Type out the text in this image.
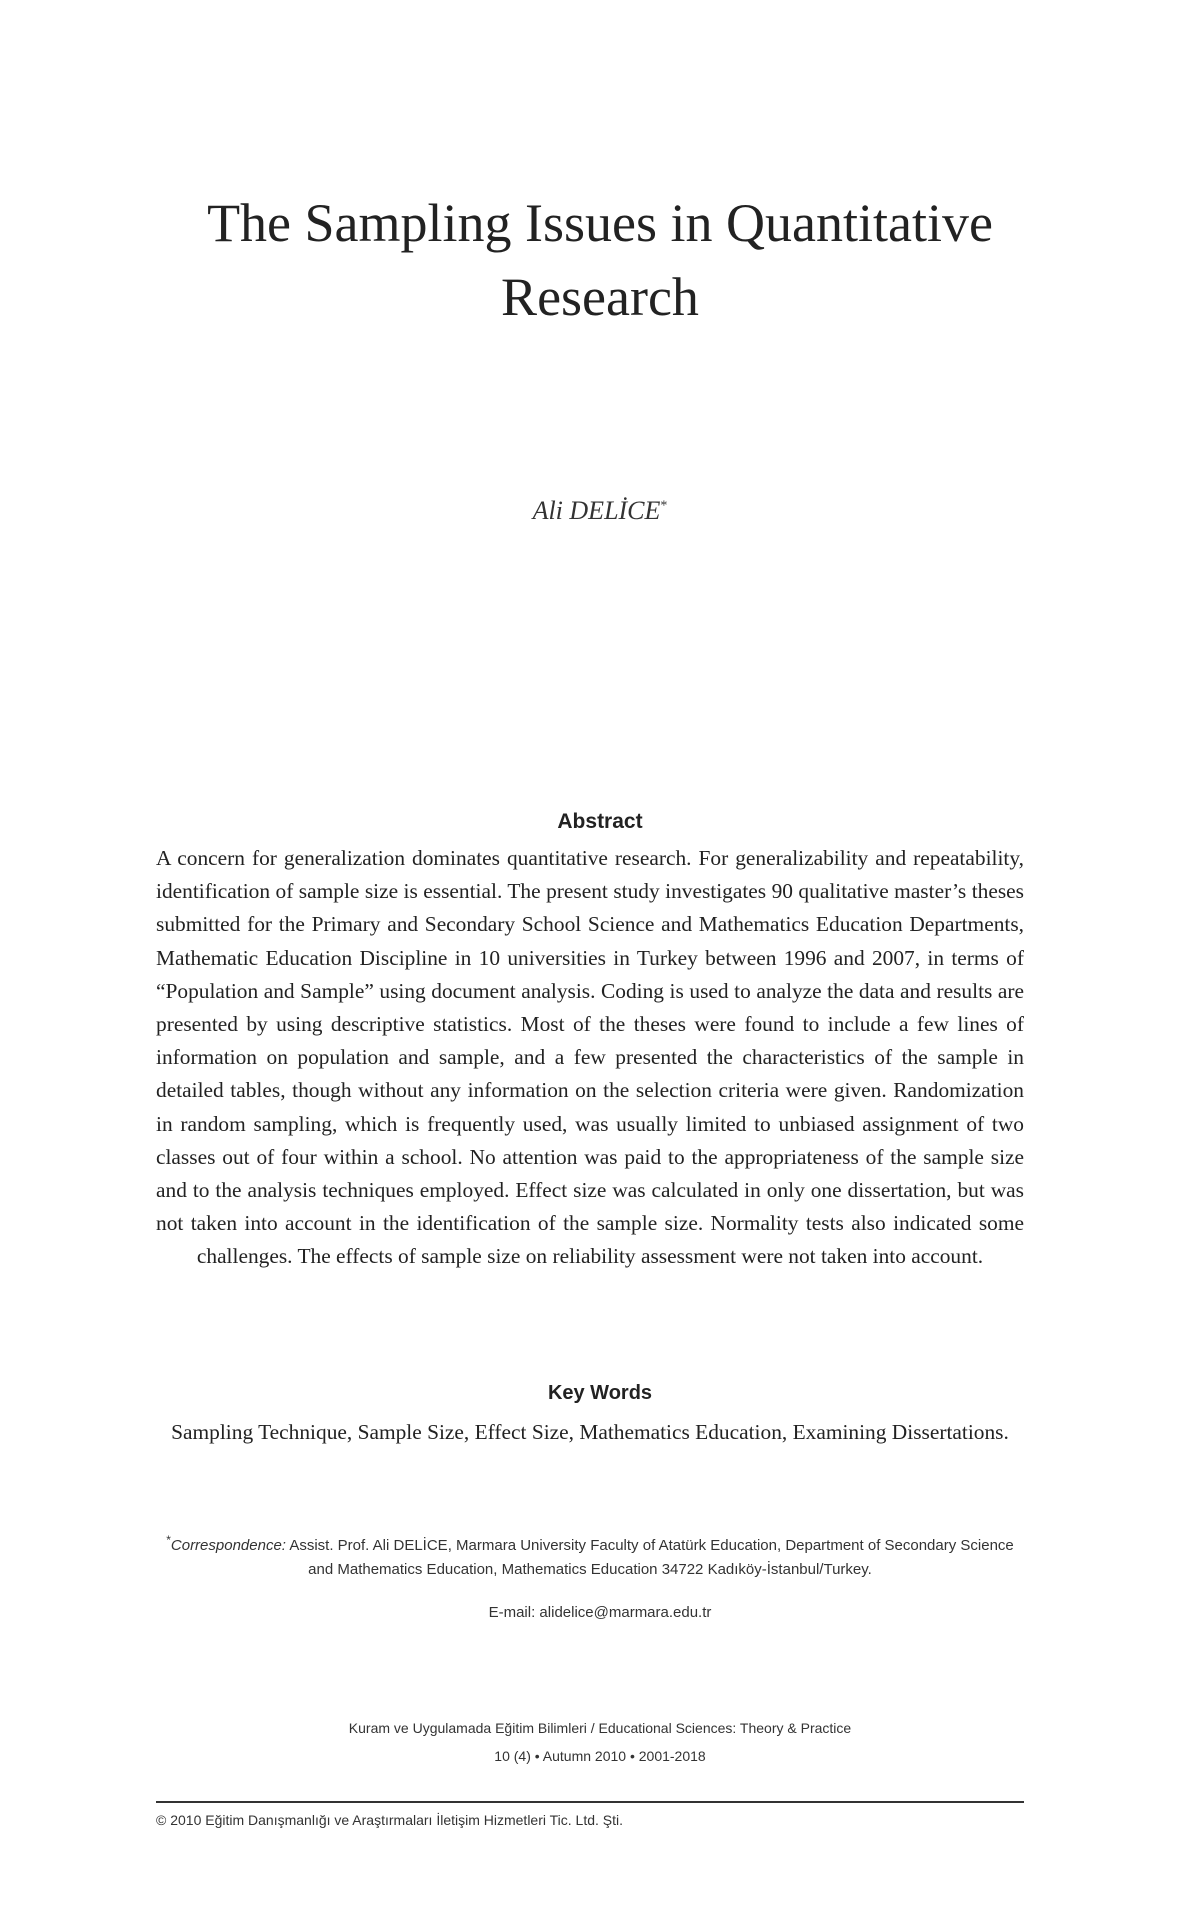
The Sampling Issues in Quantitative Research
Ali DELİCE*
Abstract

A concern for generalization dominates quantitative research. For generalizability and repeatability, identification of sample size is essential. The present study investigates 90 qualitative master’s theses submitted for the Primary and Secondary School Science and Mathematics Education Departments, Mathematic Education Discipline in 10 universities in Turkey between 1996 and 2007, in terms of “Population and Sample” using document analysis. Coding is used to analyze the data and results are presented by using descriptive statistics. Most of the theses were found to include a few lines of information on population and sample, and a few presented the characteristics of the sample in detailed tables, though without any information on the selection criteria were given. Randomization in random sampling, which is frequently used, was usually limited to unbiased assignment of two classes out of four within a school. No attention was paid to the appropriateness of the sample size and to the analysis techniques employed. Effect size was calculated in only one dissertation, but was not taken into account in the identification of the sample size. Normality tests also indicated some challenges. The effects of sample size on reliability assessment were not taken into account.

Key Words

Sampling Technique, Sample Size, Effect Size, Mathematics Education, Examining Dissertations.

*Correspondence: Assist. Prof. Ali DELİCE, Marmara University Faculty of Atatürk Education, Department of Secondary Science and Mathematics Education, Mathematics Education 34722 Kadıköy-İstanbul/Turkey.

E-mail: alidelice@marmara.edu.tr
Kuram ve Uygulamada Eğitim Bilimleri / Educational Sciences: Theory & Practice
10 (4) • Autumn 2010 • 2001-2018
© 2010 Eğitim Danışmanlığı ve Araştırmaları İletişim Hizmetleri Tic. Ltd. Şti.
